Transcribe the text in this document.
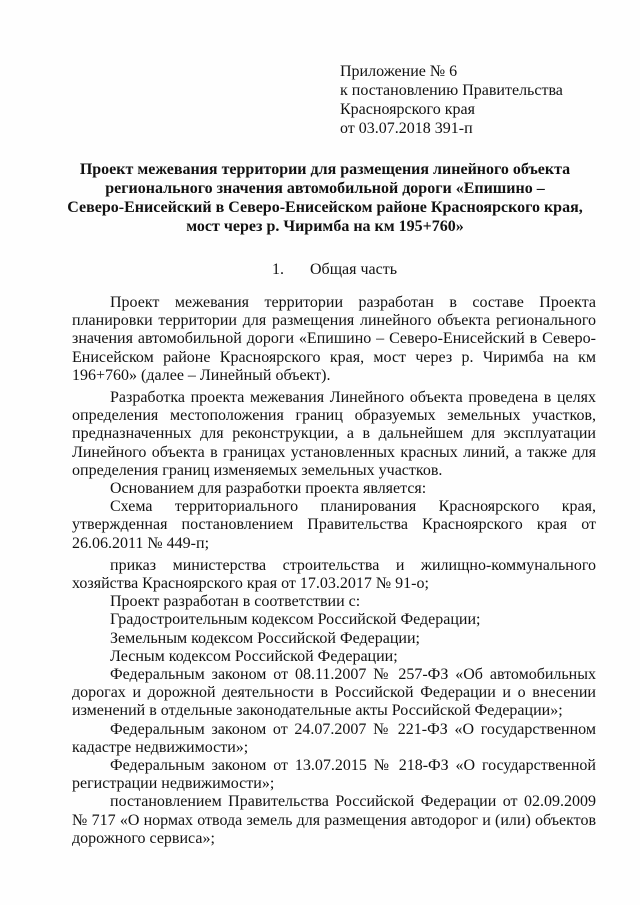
Приложение № 6
к постановлению Правительства
Красноярского края
от 03.07.2018 391-п
Проект межевания территории для размещения линейного объекта
регионального значения автомобильной дороги «Епишино –
Северо-Енисейский в Северо-Енисейском районе Красноярского края,
мост через р. Чиримба на км 195+760»
1. Общая часть

Проект межевания территории разработан в составе Проекта планировки территории для размещения линейного объекта регионального значения автомобильной дороги «Епишино – Северо-Енисейский в Северо-Енисейском районе Красноярского края, мост через р. Чиримба на км 196+760» (далее – Линейный объект).

Разработка проекта межевания Линейного объекта проведена в целях определения местоположения границ образуемых земельных участков, предназначенных для реконструкции, а в дальнейшем для эксплуатации Линейного объекта в границах установленных красных линий, а также для определения границ изменяемых земельных участков.

Основанием для разработки проекта является:

Схема территориального планирования Красноярского края, утвержденная постановлением Правительства Красноярского края от 26.06.2011 № 449-п;

приказ министерства строительства и жилищно-коммунального хозяйства Красноярского края от 17.03.2017 № 91-о;

Проект разработан в соответствии с:

Градостроительным кодексом Российской Федерации;

Земельным кодексом Российской Федерации;

Лесным кодексом Российской Федерации;

Федеральным законом от 08.11.2007 № 257-ФЗ «Об автомобильных дорогах и дорожной деятельности в Российской Федерации и о внесении изменений в отдельные законодательные акты Российской Федерации»;

Федеральным законом от 24.07.2007 № 221-ФЗ «О государственном кадастре недвижимости»;

Федеральным законом от 13.07.2015 № 218-ФЗ «О государственной регистрации недвижимости»;

постановлением Правительства Российской Федерации от 02.09.2009 № 717 «О нормах отвода земель для размещения автодорог и (или) объектов дорожного сервиса»;
